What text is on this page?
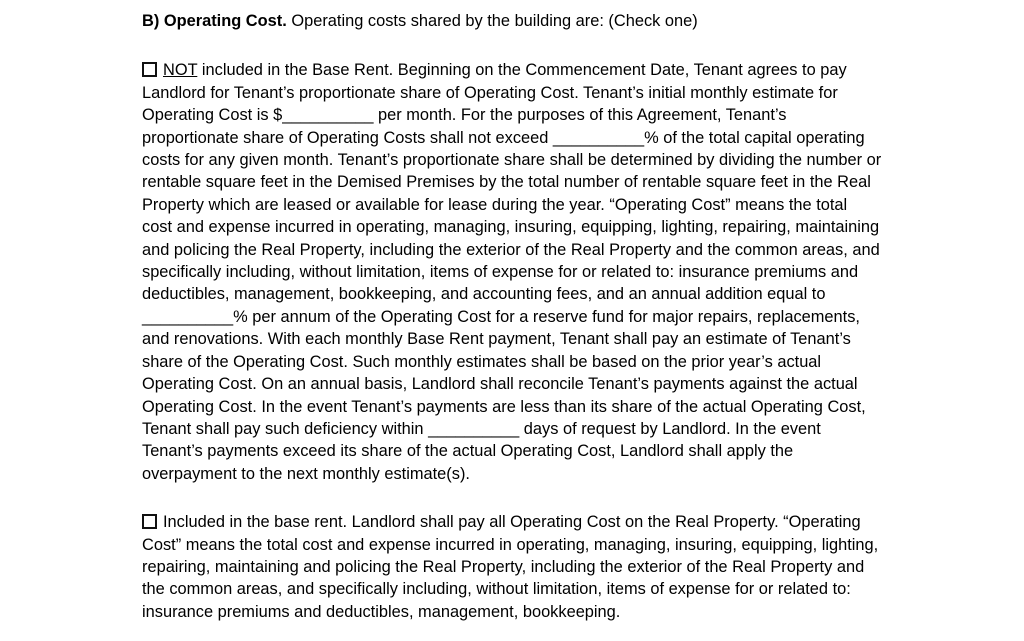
B) Operating Cost. Operating costs shared by the building are: (Check one)

NOT included in the Base Rent. Beginning on the Commencement Date, Tenant agrees to pay
Landlord for Tenant’s proportionate share of Operating Cost. Tenant’s initial monthly estimate for
Operating Cost is $__________ per month. For the purposes of this Agreement, Tenant’s
proportionate share of Operating Costs shall not exceed __________% of the total capital operating
costs for any given month. Tenant’s proportionate share shall be determined by dividing the number or
rentable square feet in the Demised Premises by the total number of rentable square feet in the Real
Property which are leased or available for lease during the year. “Operating Cost” means the total
cost and expense incurred in operating, managing, insuring, equipping, lighting, repairing, maintaining
and policing the Real Property, including the exterior of the Real Property and the common areas, and
specifically including, without limitation, items of expense for or related to: insurance premiums and
deductibles, management, bookkeeping, and accounting fees, and an annual addition equal to
__________% per annum of the Operating Cost for a reserve fund for major repairs, replacements,
and renovations. With each monthly Base Rent payment, Tenant shall pay an estimate of Tenant’s
share of the Operating Cost. Such monthly estimates shall be based on the prior year’s actual
Operating Cost. On an annual basis, Landlord shall reconcile Tenant’s payments against the actual
Operating Cost. In the event Tenant’s payments are less than its share of the actual Operating Cost,
Tenant shall pay such deficiency within __________ days of request by Landlord. In the event
Tenant’s payments exceed its share of the actual Operating Cost, Landlord shall apply the
overpayment to the next monthly estimate(s).
Included in the base rent. Landlord shall pay all Operating Cost on the Real Property. “Operating
Cost” means the total cost and expense incurred in operating, managing, insuring, equipping, lighting,
repairing, maintaining and policing the Real Property, including the exterior of the Real Property and
the common areas, and specifically including, without limitation, items of expense for or related to:
insurance premiums and deductibles, management, bookkeeping.
